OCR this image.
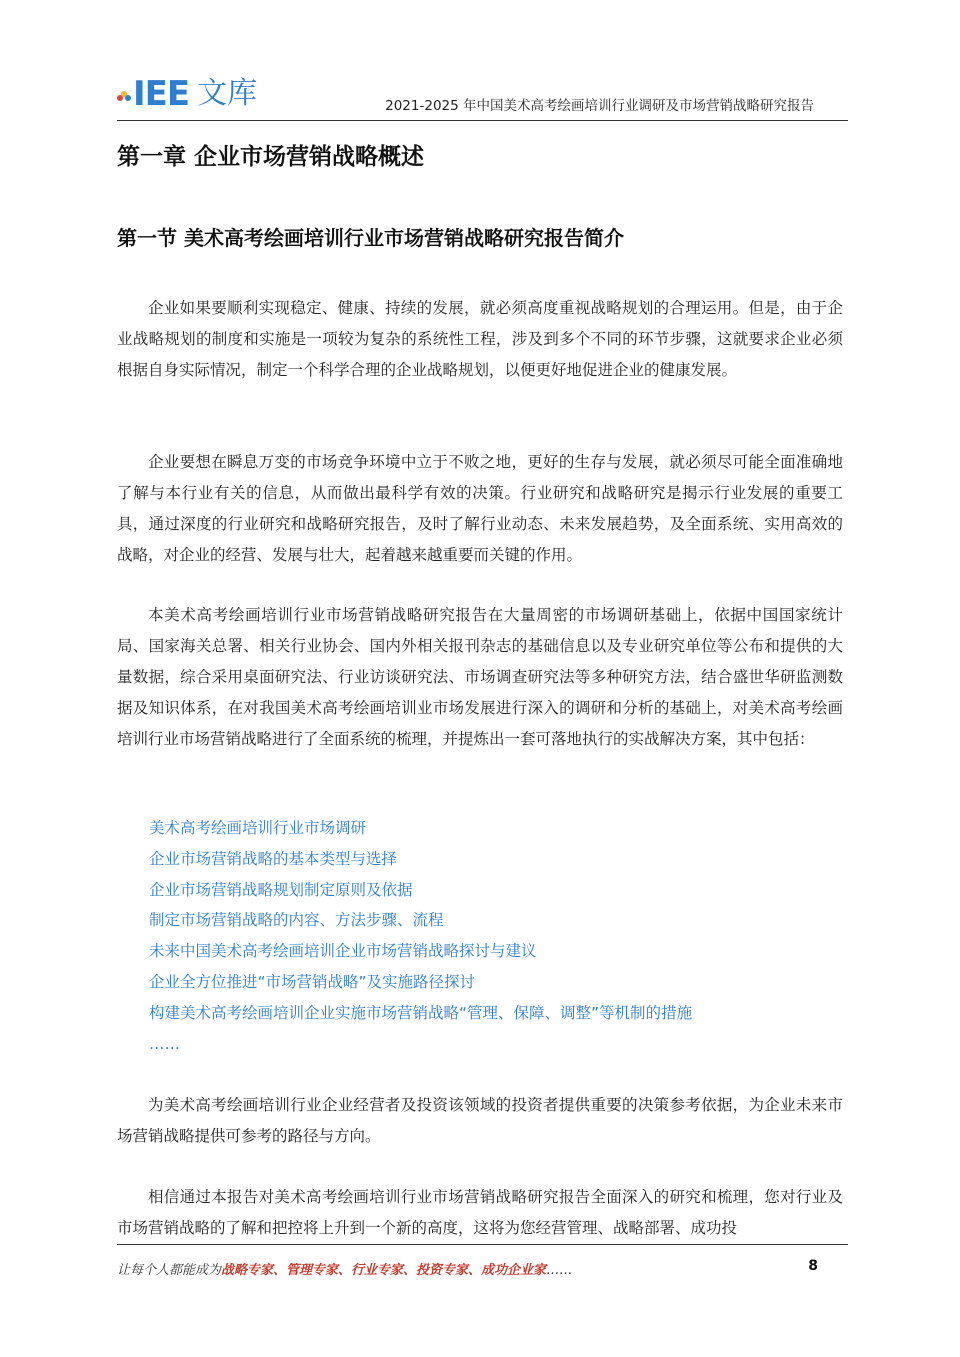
IEE 文库	2021-2025 年中国美术高考绘画培训行业调研及市场营销战略研究报告
第一章 企业市场营销战略概述
第一节 美术高考绘画培训行业市场营销战略研究报告简介

企业如果要顺利实现稳定、健康、持续的发展，就必须高度重视战略规划的合理运用。但是，由于企业战略规划的制度和实施是一项较为复杂的系统性工程，涉及到多个不同的环节步骤，这就要求企业必须根据自身实际情况，制定一个科学合理的企业战略规划，以便更好地促进企业的健康发展。

企业要想在瞬息万变的市场竞争环境中立于不败之地，更好的生存与发展，就必须尽可能全面准确地了解与本行业有关的信息，从而做出最科学有效的决策。行业研究和战略研究是揭示行业发展的重要工具，通过深度的行业研究和战略研究报告，及时了解行业动态、未来发展趋势，及全面系统、实用高效的战略，对企业的经营、发展与壮大，起着越来越重要而关键的作用。

本美术高考绘画培训行业市场营销战略研究报告在大量周密的市场调研基础上，依据中国国家统计局、国家海关总署、相关行业协会、国内外相关报刊杂志的基础信息以及专业研究单位等公布和提供的大量数据，综合采用桌面研究法、行业访谈研究法、市场调查研究法等多种研究方法，结合盛世华研监测数据及知识体系，在对我国美术高考绘画培训业市场发展进行深入的调研和分析的基础上，对美术高考绘画培训行业市场营销战略进行了全面系统的梳理，并提炼出一套可落地执行的实战解决方案，其中包括：

美术高考绘画培训行业市场调研
企业市场营销战略的基本类型与选择
企业市场营销战略规划制定原则及依据
制定市场营销战略的内容、方法步骤、流程
未来中国美术高考绘画培训企业市场营销战略探讨与建议
企业全方位推进“市场营销战略”及实施路径探讨
构建美术高考绘画培训企业实施市场营销战略“管理、保障、调整”等机制的措施
……

为美术高考绘画培训行业企业经营者及投资该领域的投资者提供重要的决策参考依据，为企业未来市场营销战略提供可参考的路径与方向。

相信通过本报告对美术高考绘画培训行业市场营销战略研究报告全面深入的研究和梳理，您对行业及市场营销战略的了解和把控将上升到一个新的高度，这将为您经营管理、战略部署、成功投

让每个人都能成为战略专家、管理专家、行业专家、投资专家、成功企业家……	8
